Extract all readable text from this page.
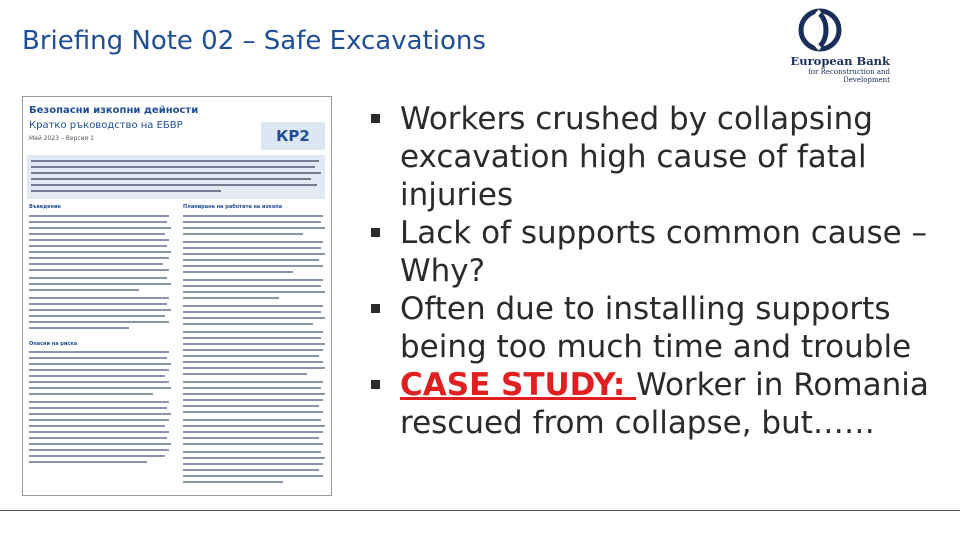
Briefing Note 02 – Safe Excavations
European Bank
for Reconstruction and Development
Безопасни изкопни дейности
Кратко ръководство на ЕБВР
Май 2023 – Версия 1	КР2
Въведение	Планиране на работата на изкопа
Опасни на риска
Workers crushed by collapsing excavation high cause of fatal injuries
Lack of supports common cause – Why?
Often due to installing supports being too much time and trouble
CASE STUDY: Worker in Romania rescued from collapse, but……
